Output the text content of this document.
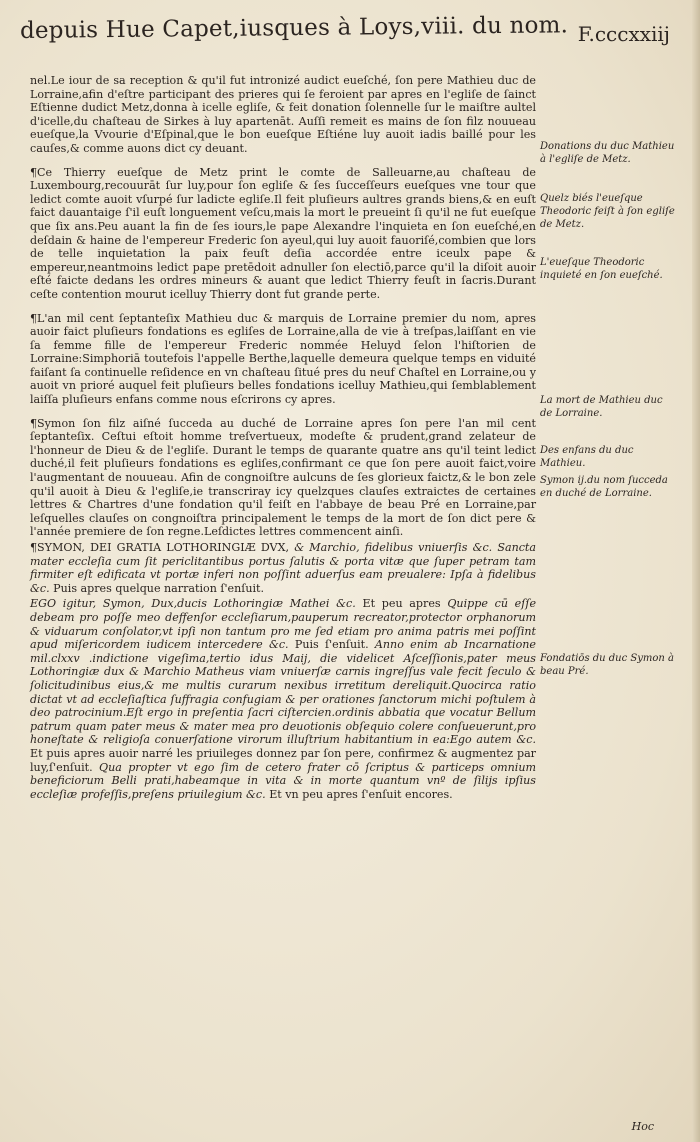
depuis Hue Capet,iusques à Loys,viii. du nom. F.cccxxiij

nel.Le iour de sa reception & qu'il fut intronizé audict eueſché, ſon pere Mathieu duc de Lorraine,afin d'eſtre participant des prieres qui ſe feroient par apres en l'egliſe de ſainct Eſtienne dudict Metz,donna à icelle egliſe, & feit donation ſolennelle ſur le maiſtre aultel d'icelle,du chaſteau de Sirkes à luy apartenāt. Auſſi remeit es mains de ſon filz nouueau eueſque,la Vvourie d'Eſpinal,que le bon eueſque Eſtiéne luy auoit iadis baillé pour les cauſes,& comme auons dict cy deuant.

¶Ce Thierry eueſque de Metz print le comte de Salleuarne,au chaſteau de Luxembourg,recouurāt ſur luy,pour ſon egliſe & ſes ſucceſſeurs eueſques vne tour que ledict comte auoit vſurpé ſur ladicte egliſe.Il feit pluſieurs aultres grands biens,& en euſt faict dauantaige ſ'il euſt longuement veſcu,mais la mort le preueint ſi qu'il ne fut eueſque que ſix ans.Peu auant la fin de ſes iours,le pape Alexandre l'inquieta en ſon eueſché,en deſdain & haine de l'empereur Frederic ſon ayeul,qui luy auoit fauoriſé,combien que lors de telle inquietation la paix feuſt deſia accordée entre iceulx pape & empereur,neantmoins ledict pape pretēdoit adnuller ſon electiō,parce qu'il la diſoit auoir eſté faicte dedans les ordres mineurs & auant que ledict Thierry feuſt in ſacris.Durant ceſte contention mourut icelluy Thierry dont fut grande perte.

¶L'an mil cent ſeptanteſix Mathieu duc & marquis de Lorraine premier du nom, apres auoir faict pluſieurs fondations es egliſes de Lorraine,alla de vie à treſpas,laiſſant en vie ſa femme fille de l'empereur Frederic nommée Heluyd ſelon l'hiſtorien de Lorraine:Simphoriā toutefois l'appelle Berthe,laquelle demeura quelque temps en viduité faiſant ſa continuelle reſidence en vn chaſteau ſitué pres du neuf Chaſtel en Lorraine,ou y auoit vn prioré auquel feit pluſieurs belles fondations icelluy Mathieu,qui ſemblablement laiſſa pluſieurs enfans comme nous eſcrirons cy apres.

¶Symon ſon filz aiſné ſucceda au duché de Lorraine apres ſon pere l'an mil cent ſeptanteſix. Ceſtui eſtoit homme treſvertueux, modeſte & prudent,grand zelateur de l'honneur de Dieu & de l'egliſe. Durant le temps de quarante quatre ans qu'il teint ledict duché,il feit pluſieurs fondations es egliſes,confirmant ce que ſon pere auoit faict,voire l'augmentant de nouueau. Afin de congnoiſtre aulcuns de ſes glorieux faictz,& le bon zele qu'il auoit à Dieu & l'egliſe,ie transcriray icy quelzques clauſes extraictes de certaines lettres & Chartres d'une fondation qu'il feiſt en l'abbaye de beau Pré en Lorraine,par leſquelles clauſes on congnoiſtra principalement le temps de la mort de ſon dict pere & l'année premiere de ſon regne.Leſdictes lettres commencent ainſi.

¶SYMON, DEI GRATIA LOTHORINGIÆ DVX, & Marchio, fidelibus vniuerſis &c. Sancta mater eccleſia cum ſit periclitantibus portus ſalutis & porta vitæ que ſuper petram tam firmiter eſt edificata vt portæ inferi non poſſint aduerſus eam preualere: Ipſa à fidelibus &c. Puis apres quelque narration ſ'enſuit.

EGO igitur, Symon, Dux,ducis Lothoringiæ Mathei &c. Et peu apres Quippe cū eſſe debeam pro poſſe meo deffenſor eccleſiarum,pauperum recreator,protector orphanorum & viduarum conſolator,vt ipſi non tantum pro me ſed etiam pro anima patris mei poſſint apud miſericordem iudicem intercedere &c. Puis ſ'enſuit. Anno enim ab Incarnatione mil.clxxv .indictione vigeſima,tertio idus Maij, die videlicet Aſceſſionis,pater meus Lothoringiæ dux & Marchio Matheus viam vniuerſæ carnis ingreſſus vale fecit ſeculo & ſolicitudinibus eius,& me multis curarum nexibus irretitum dereliquit.Quocirca ratio dictat vt ad eccleſiaſtica ſuffragia confugiam & per orationes ſanctorum michi poſtulem à deo patrocinium.Eſt ergo in preſentia ſacri ciſtercien.ordinis abbatia que vocatur Bellum patrum quam pater meus & mater mea pro deuotionis obſequio colere conſueuerunt,pro honeſtate & religioſa conuerſatione virorum illuſtrium habitantium in ea:Ego autem &c. Et puis apres auoir narré les priuileges donnez par ſon pere, confirmez & augmentez par luy,ſ'enſuit. Qua propter vt ego ſim de cetero frater cō ſcriptus & particeps omnium beneficiorum Belli prati,habeamque in vita & in morte quantum vnº de ſilijs ipſius eccleſiæ profeſſis,preſens priuilegium &c. Et vn peu apres ſ'enſuit encores.

Donations du duc Mathieu à l'egliſe de Metz.
Quelz biés l'eueſque Theodoric feiſt à ſon egliſe de Metz.
L'eueſque Theodoric inquieté en ſon eueſché.
La mort de Mathieu duc de Lorraine.
Des enfans du duc Mathieu.
Symon ij.du nom ſucceda en duché de Lorraine.
Fondatiōs du duc Symon à beau Pré.
Hoc
